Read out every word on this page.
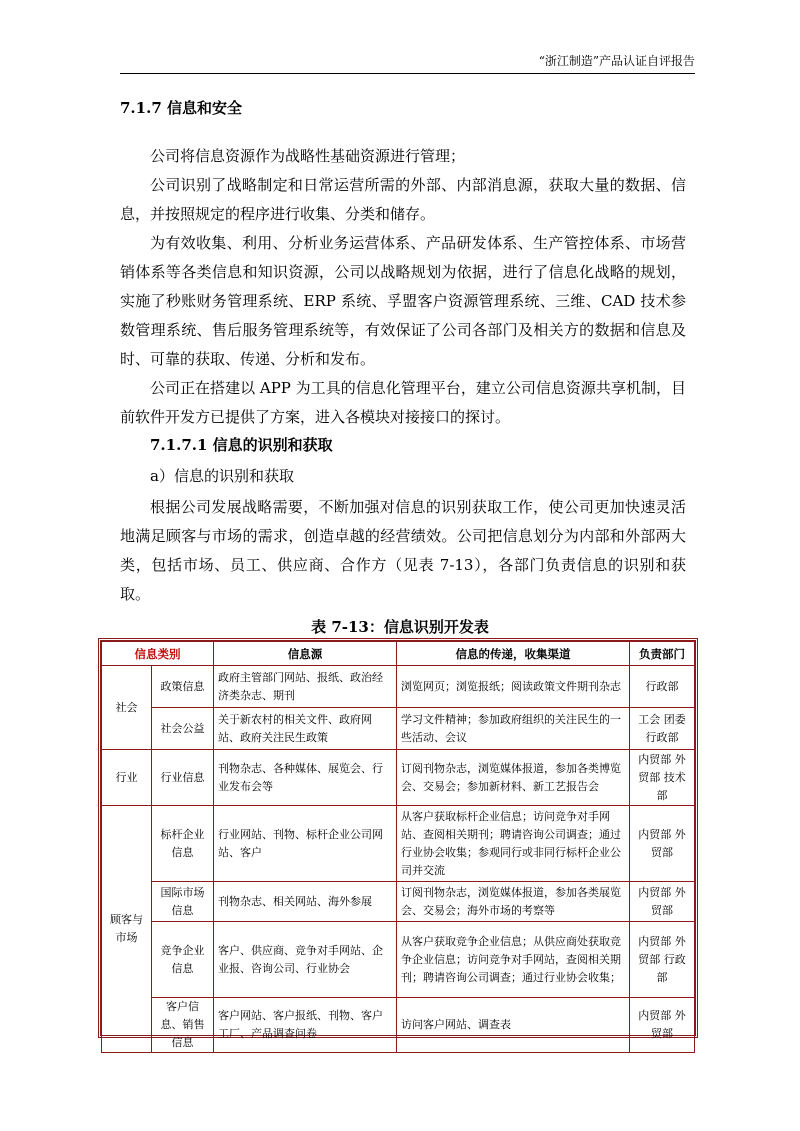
“浙江制造”产品认证自评报告
7.1.7 信息和安全

公司将信息资源作为战略性基础资源进行管理；

公司识别了战略制定和日常运营所需的外部、内部消息源，获取大量的数据、信息，并按照规定的程序进行收集、分类和储存。

为有效收集、利用、分析业务运营体系、产品研发体系、生产管控体系、市场营销体系等各类信息和知识资源，公司以战略规划为依据，进行了信息化战略的规划，实施了秒账财务管理系统、ERP 系统、孚盟客户资源管理系统、三维、CAD 技术参数管理系统、售后服务管理系统等，有效保证了公司各部门及相关方的数据和信息及时、可靠的获取、传递、分析和发布。

公司正在搭建以 APP 为工具的信息化管理平台，建立公司信息资源共享机制，目前软件开发方已提供了方案，进入各模块对接接口的探讨。

7.1.7.1 信息的识别和获取
a）信息的识别和获取

根据公司发展战略需要，不断加强对信息的识别获取工作，使公司更加快速灵活地满足顾客与市场的需求，创造卓越的经营绩效。公司把信息划分为内部和外部两大类，包括市场、员工、供应商、合作方（见表 7-13），各部门负责信息的识别和获取。

表 7-13：信息识别开发表
信息类别		信息源	信息的传递，收集渠道	负责部门
社会	政策信息	政府主管部门网站、报纸、政治经济类杂志、期刊	浏览网页；浏览报纸；阅读政策文件期刊杂志	行政部
	社会公益	关于新农村的相关文件、政府网站、政府关注民生政策	学习文件精神；参加政府组织的关注民生的一些活动、会议	工会 团委 行政部
行业	行业信息	刊物杂志、各种媒体、展览会、行业发布会等	订阅刊物杂志，浏览媒体报道，参加各类博览会、交易会；参加新材料、新工艺报告会	内贸部 外贸部 技术部
顾客与市场	标杆企业信息	行业网站、刊物、标杆企业公司网站、客户	从客户获取标杆企业信息；访问竞争对手网站、查阅相关期刊；聘请咨询公司调查；通过行业协会收集；参观同行或非同行标杆企业公司并交流	内贸部 外贸部
	国际市场信息	刊物杂志、相关网站、海外参展	订阅刊物杂志，浏览媒体报道，参加各类展览会、交易会；海外市场的考察等	内贸部 外贸部
	竞争企业信息	客户、供应商、竞争对手网站、企业报、咨询公司、行业协会	从客户获取竞争企业信息；从供应商处获取竞争企业信息；访问竞争对手网站，查阅相关期刊；聘请咨询公司调查；通过行业协会收集；	内贸部 外贸部 行政部
	客户信息、销售信息	客户网站、客户报纸、刊物、客户工厂、产品调查问卷	访问客户网站、调查表	内贸部 外贸部
